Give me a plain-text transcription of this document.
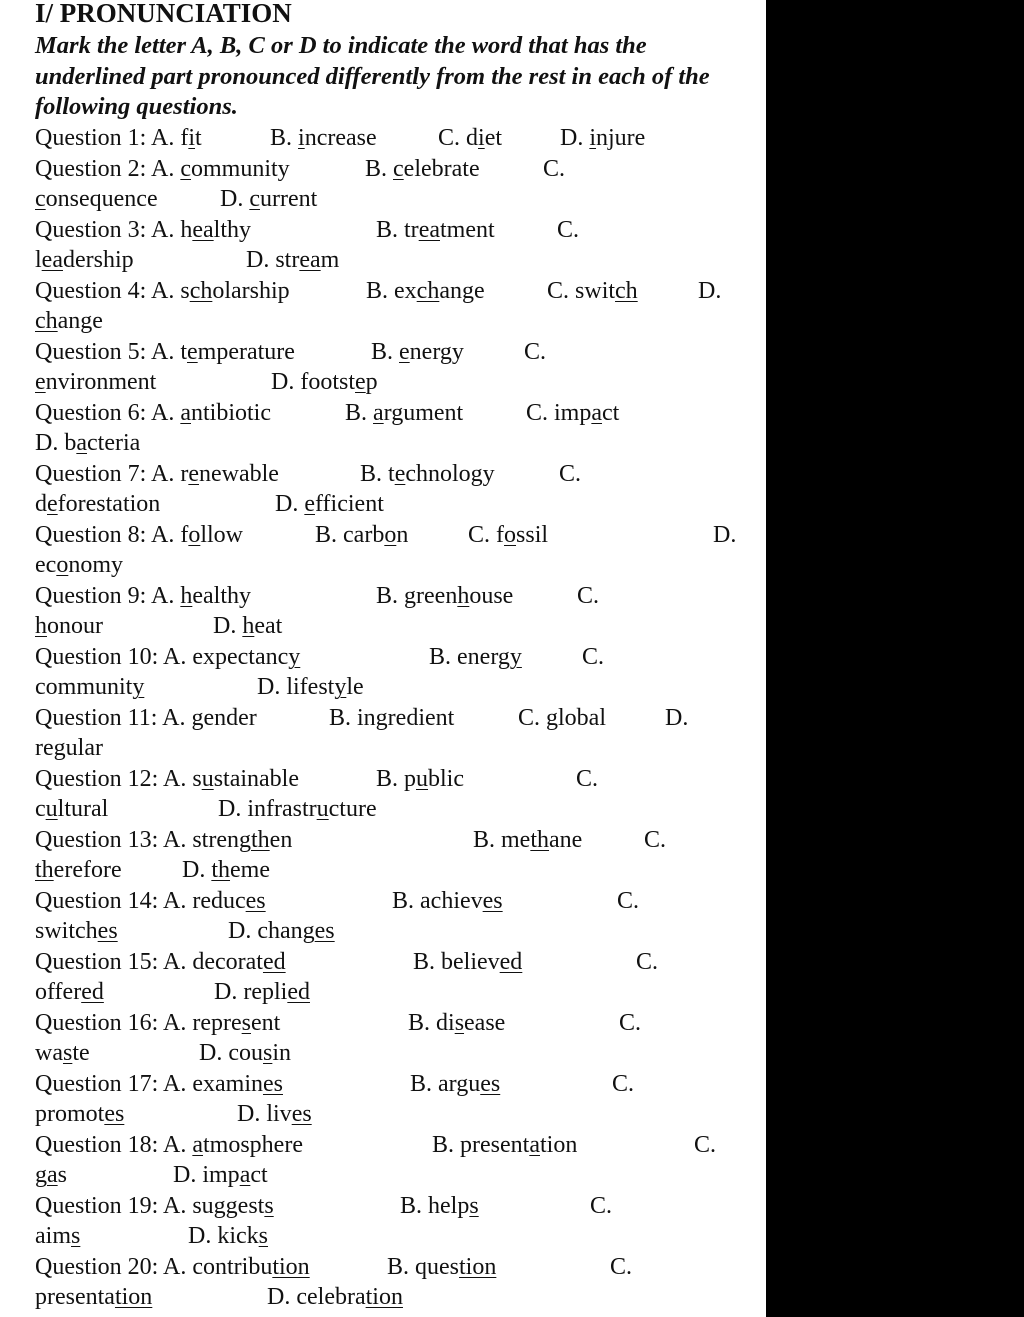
I/ PRONUNCIATION
Mark the letter A, B, C or D to indicate the word that has the underlined part pronounced differently from the rest in each of the following questions.
Question 1: A. fit	B. increase	C. diet D. injure
Question 2: A. community	B. celebrate	C.
consequence	D. current
Question 3: A. healthy	B. treatment	C.
leadership	D. stream
Question 4: A. scholarship	B. exchange	C. switch	D.
change
Question 5: A. temperature	B. energy	C.
environment	D. footstep
Question 6: A. antibiotic	B. argument	C. impact
D. bacteria
Question 7: A. renewable	B. technology	C.
deforestation	D. efficient
Question 8: A. follow	B. carbon C. fossil	D.
economy
Question 9: A. healthy	B. greenhouse	C.
honour	D. heat
Question 10: A. expectancy	B. energy	C.
community	D. lifestyle
Question 11: A. gender	B. ingredient	C. global D.
regular
Question 12: A. sustainable	B. public	C.
cultural	D. infrastructure
Question 13: A. strengthen	B. methane	C.
therefore	D. theme
Question 14: A. reduces	B. achieves	C.
switches	D. changes
Question 15: A. decorated	B. believed	C.
offered	D. replied
Question 16: A. represent	B. disease	C.
waste	D. cousin
Question 17: A. examines	B. argues	C.
promotes	D. lives
Question 18: A. atmosphere	B. presentation	C.
gas	D. impact
Question 19: A. suggests	B. helps	C.
aims	D. kicks
Question 20: A. contribution	B. question	C.
presentation	D. celebration
